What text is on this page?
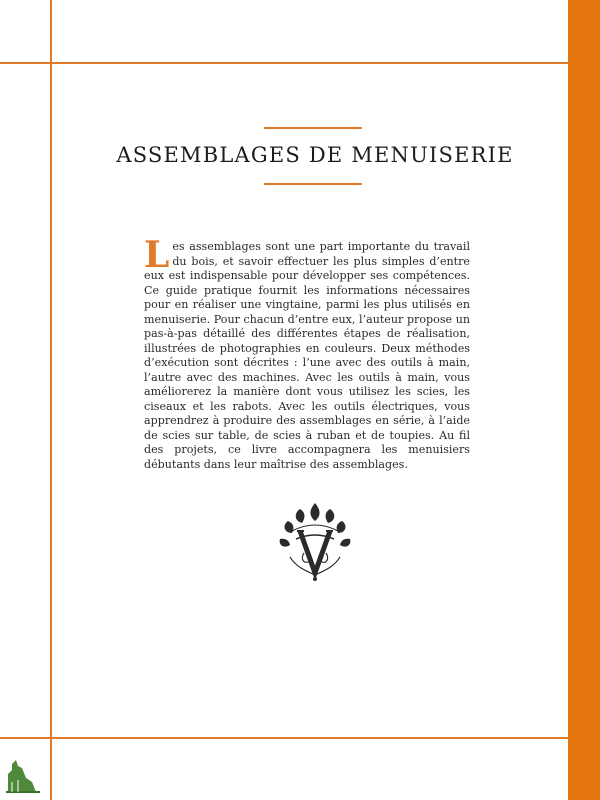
ASSEMBLAGES DE MENUISERIE

Les assemblages sont une part importante du travail du bois, et savoir effectuer les plus simples d’entre eux est indispensable pour développer ses compétences. Ce guide pratique fournit les informations nécessaires pour en réaliser une vingtaine, parmi les plus utilisés en menuiserie. Pour chacun d’entre eux, l’auteur propose un pas-à-pas détaillé des différentes étapes de réalisation, illustrées de photographies en couleurs. Deux méthodes d’exécution sont décrites : l’une avec des outils à main, l’autre avec des machines. Avec les outils à main, vous améliorerez la manière dont vous utilisez les scies, les ciseaux et les rabots. Avec les outils électriques, vous apprendrez à produire des assemblages en série, à l’aide de scies sur table, de scies à ruban et de toupies. Au fil des projets, ce livre accompagnera les menuisiers débutants dans leur maîtrise des assemblages.
